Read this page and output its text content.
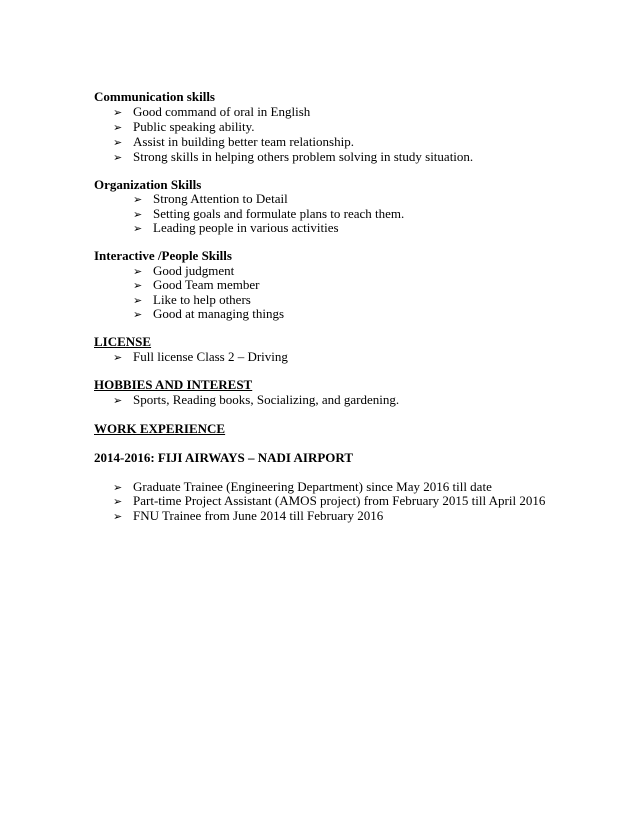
Communication skills
➢ Good command of oral in English
➢ Public speaking ability.
➢ Assist in building better team relationship.
➢ Strong skills in helping others problem solving in study situation.
Organization Skills
➢ Strong Attention to Detail
➢ Setting goals and formulate plans to reach them.
➢ Leading people in various activities
Interactive /People Skills
➢ Good judgment
➢ Good Team member
➢ Like to help others
➢ Good at managing things
LICENSE
➢ Full license Class 2 – Driving
HOBBIES AND INTEREST
➢ Sports, Reading books, Socializing, and gardening.
WORK EXPERIENCE
2014-2016: FIJI AIRWAYS – NADI AIRPORT
➢ Graduate Trainee (Engineering Department) since May 2016 till date
➢ Part-time Project Assistant (AMOS project) from February 2015 till April 2016
➢ FNU Trainee from June 2014 till February 2016
